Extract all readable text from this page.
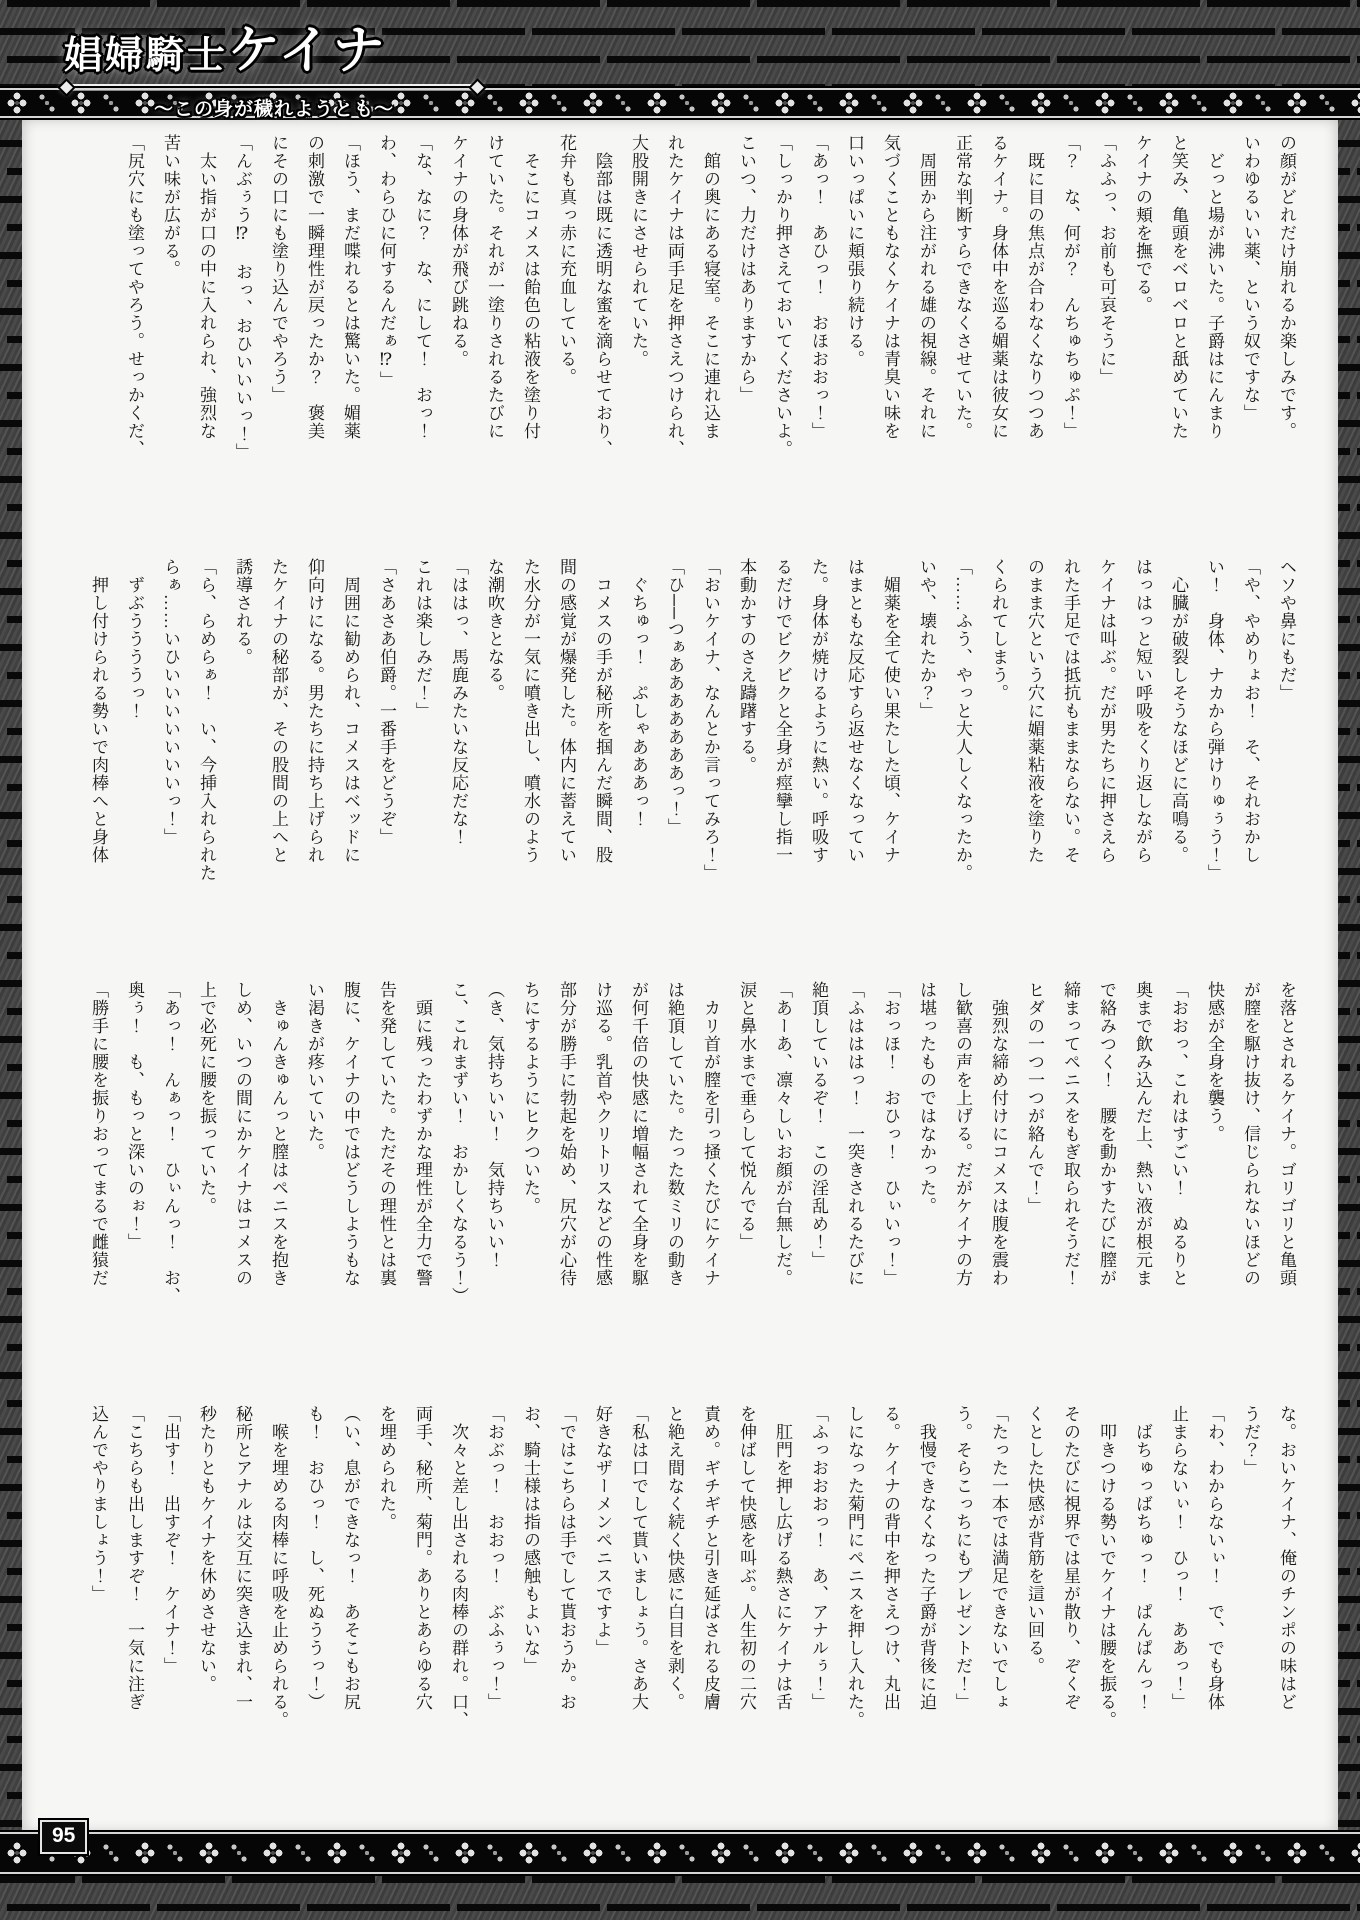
娼婦騎士 ケイナ
〜この身が穢れようとも〜

の顔がどれだけ崩れるか楽しみです。

いわゆるいい薬、という奴ですな」

　どっと場が沸いた。子爵はにんまり

と笑み、亀頭をベロベロと舐めていた

ケイナの頬を撫でる。

「ふふっ、お前も可哀そうに」

「？　な、何が？　んちゅちゅぷ！」

　既に目の焦点が合わなくなりつつあ

るケイナ。身体中を巡る媚薬は彼女に

正常な判断すらできなくさせていた。

　周囲から注がれる雄の視線。それに

気づくこともなくケイナは青臭い味を

口いっぱいに頬張り続ける。

「あっ！　あひっ！　おほおおっ！」

「しっかり押さえておいてくださいよ。

こいつ、力だけはありますから」

　館の奥にある寝室。そこに連れ込ま

れたケイナは両手足を押さえつけられ、

大股開きにさせられていた。

　陰部は既に透明な蜜を滴らせており、

花弁も真っ赤に充血している。

　そこにコメスは飴色の粘液を塗り付

けていた。それが一塗りされるたびに

ケイナの身体が飛び跳ねる。

「な、なに？　な、にして！　おっ！

わ、わらひに何するんだぁ⁉」

「ほう、まだ喋れるとは驚いた。媚薬

の刺激で一瞬理性が戻ったか？　褒美

にその口にも塗り込んでやろう」

「んぶぅう⁉　おっ、おひいいいっ！」

　太い指が口の中に入れられ、強烈な

苦い味が広がる。

「尻穴にも塗ってやろう。せっかくだ、

ヘソや鼻にもだ」

「や、やめりょお！　そ、それおかし

い！　身体、ナカから弾けりゅぅう！」

　心臓が破裂しそうなほどに高鳴る。

はっはっと短い呼吸をくり返しながら

ケイナは叫ぶ。だが男たちに押さえら

れた手足では抵抗もままならない。そ

のまま穴という穴に媚薬粘液を塗りた

くられてしまう。

「……ふう、やっと大人しくなったか。

いや、壊れたか？」

　媚薬を全て使い果たした頃、ケイナ

はまともな反応すら返せなくなってい

た。身体が焼けるように熱い。呼吸す

るだけでビクビクと全身が痙攣し指一

本動かすのさえ躊躇する。

「おいケイナ、なんとか言ってみろ！」

「ひ──つぁあああああああっ！」

　ぐちゅっ！　ぷしゃあああっ！

　コメスの手が秘所を掴んだ瞬間、股

間の感覚が爆発した。体内に蓄えてい

た水分が一気に噴き出し、噴水のよう

な潮吹きとなる。

「ははっ、馬鹿みたいな反応だな！

これは楽しみだ！」

「さあさあ伯爵。一番手をどうぞ」

　周囲に勧められ、コメスはベッドに

仰向けになる。男たちに持ち上げられ

たケイナの秘部が、その股間の上へと

誘導される。

「ら、らめらぁ！　い、今挿入れられた

らぁ……いひいいいいいいいっ！」

　ずぶううううっ！

　押し付けられる勢いで肉棒へと身体

を落とされるケイナ。ゴリゴリと亀頭

が膣を駆け抜け、信じられないほどの

快感が全身を襲う。

「おおっ、これはすごい！　ぬるりと

奥まで飲み込んだ上、熱い液が根元ま

で絡みつく！　腰を動かすたびに膣が

締まってペニスをもぎ取られそうだ！

ヒダの一つ一つが絡んで！」

　強烈な締め付けにコメスは腹を震わ

し歓喜の声を上げる。だがケイナの方

は堪ったものではなかった。

「おっほ！　おひっ！　ひぃいっ！」

「ふはははっ！　一突きされるたびに

絶頂しているぞ！　この淫乱め！」

「あーあ、凛々しいお顔が台無しだ。

涙と鼻水まで垂らして悦んでる」

　カリ首が膣を引っ掻くたびにケイナ

は絶頂していた。たった数ミリの動き

が何千倍の快感に増幅されて全身を駆

け巡る。乳首やクリトリスなどの性感

部分が勝手に勃起を始め、尻穴が心待

ちにするようにヒクついた。

（き、気持ちいい！　気持ちいい！

こ、これまずい！　おかしくなるう！）

　頭に残ったわずかな理性が全力で警

告を発していた。ただその理性とは裏

腹に、ケイナの中ではどうしようもな

い渇きが疼いていた。

　きゅんきゅんっと膣はペニスを抱き

しめ、いつの間にかケイナはコメスの

上で必死に腰を振っていた。

「あっ！　んぁっ！　ひぃんっ！　お、

奥ぅ！　も、もっと深いのぉ！」

「勝手に腰を振りおってまるで雌猿だ

な。おいケイナ、俺のチンポの味はど

うだ？」

「わ、わからないぃ！　で、でも身体

止まらないぃ！　ひっ！　ああっ！」

　ばちゅっばちゅっ！　ぱんぱんっ！

　叩きつける勢いでケイナは腰を振る。

そのたびに視界では星が散り、ぞくぞ

くとした快感が背筋を這い回る。

「たった一本では満足できないでしょ

う。そらこっちにもプレゼントだ！」

　我慢できなくなった子爵が背後に迫

る。ケイナの背中を押さえつけ、丸出

しになった菊門にペニスを押し入れた。

「ふっおおおっ！　あ、アナルぅ！」

　肛門を押し広げる熱さにケイナは舌

を伸ばして快感を叫ぶ。人生初の二穴

責め。ギチギチと引き延ばされる皮膚

と絶え間なく続く快感に白目を剥く。

「私は口でして貰いましょう。さあ大

好きなザーメンペニスですよ」

「ではこちらは手でして貰おうか。お

お、騎士様は指の感触もよいな」

「おぶっ！　おおっ！　ぶふぅっ！」

　次々と差し出される肉棒の群れ。口、

両手、秘所、菊門。ありとあらゆる穴

を埋められた。

（い、息ができなっ！　あそこもお尻

も！　おひっ！　し、死ぬううっ！）

　喉を埋める肉棒に呼吸を止められる。

秘所とアナルは交互に突き込まれ、一

秒たりともケイナを休めさせない。

「出す！　出すぞ！　ケイナ！」

「こちらも出しますぞ！　一気に注ぎ

込んでやりましょう！」

95
